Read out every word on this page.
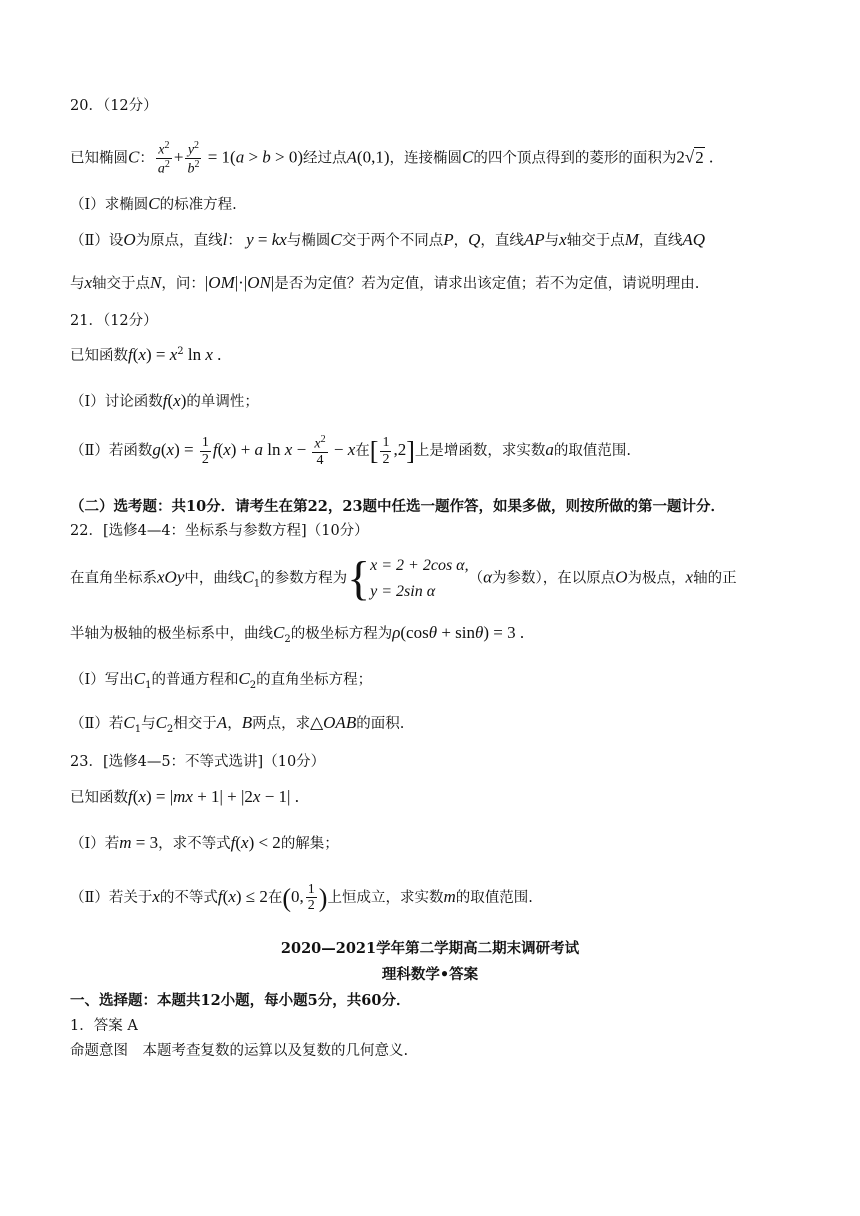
20．（12分）
已知椭圆C： $\frac{x^2}{a^2} + \frac{y^2}{b^2} = 1(a > b > 0)$经过点A(0,1)，连接椭圆C的四个顶点得到的菱形的面积为2√2 .
（Ⅰ）求椭圆C的标准方程.
（Ⅱ）设O为原点，直线l： y = kx与椭圆C交于两个不同点P，Q，直线AP与x轴交于点M，直线AQ
与x轴交于点N，问：|OM|·|ON|是否为定值？若为定值，请求出该定值；若不为定值，请说明理由.
21．（12分）
已知函数$f(x) = x^2$ ln x .
（Ⅰ）讨论函数f(x)的单调性；
（Ⅱ）若函数$g(x) = \frac{1}{2} f(x) + a$ $\ln x - \frac{x^2}{4} - x$在[ $\frac{1}{2} ,2$]上是增函数，求实数a的取值范围.
（二）选考题：共10分．请考生在第22，23题中任选一题作答，如果多做，则按所做的第一题计分．
22．[选修4—4：坐标系与参数方程]（10分）
在直角坐标系xOy中，曲线$C_1$的参数方程为{x = 2 + 2cos α,
y = 2sin α（α为参数），在以原点O为极点，x轴的正
半轴为极轴的极坐标系中，曲线$C_2$的极坐标方程为ρ(cosθ + sinθ) = 3 .
（Ⅰ）写出$C_1$的普通方程和$C_2$的直角坐标方程；
（Ⅱ）若$C_1$与$C_2$相交于A，B两点，求△OAB的面积.
23．[选修4—5：不等式选讲]（10分）
已知函数f(x) = |mx + 1| + |2x − 1| .
（Ⅰ）若m = 3，求不等式f(x) < 2的解集；
（Ⅱ）若关于x的不等式f(x) ≤ 2在(0, $\frac{1}{2}$ )上恒成立，求实数m的取值范围.
2020—2021学年第二学期高二期末调研考试
理科数学•答案
一、选择题：本题共12小题，每小题5分，共60分．
1．答案 A
命题意图　本题考查复数的运算以及复数的几何意义.
